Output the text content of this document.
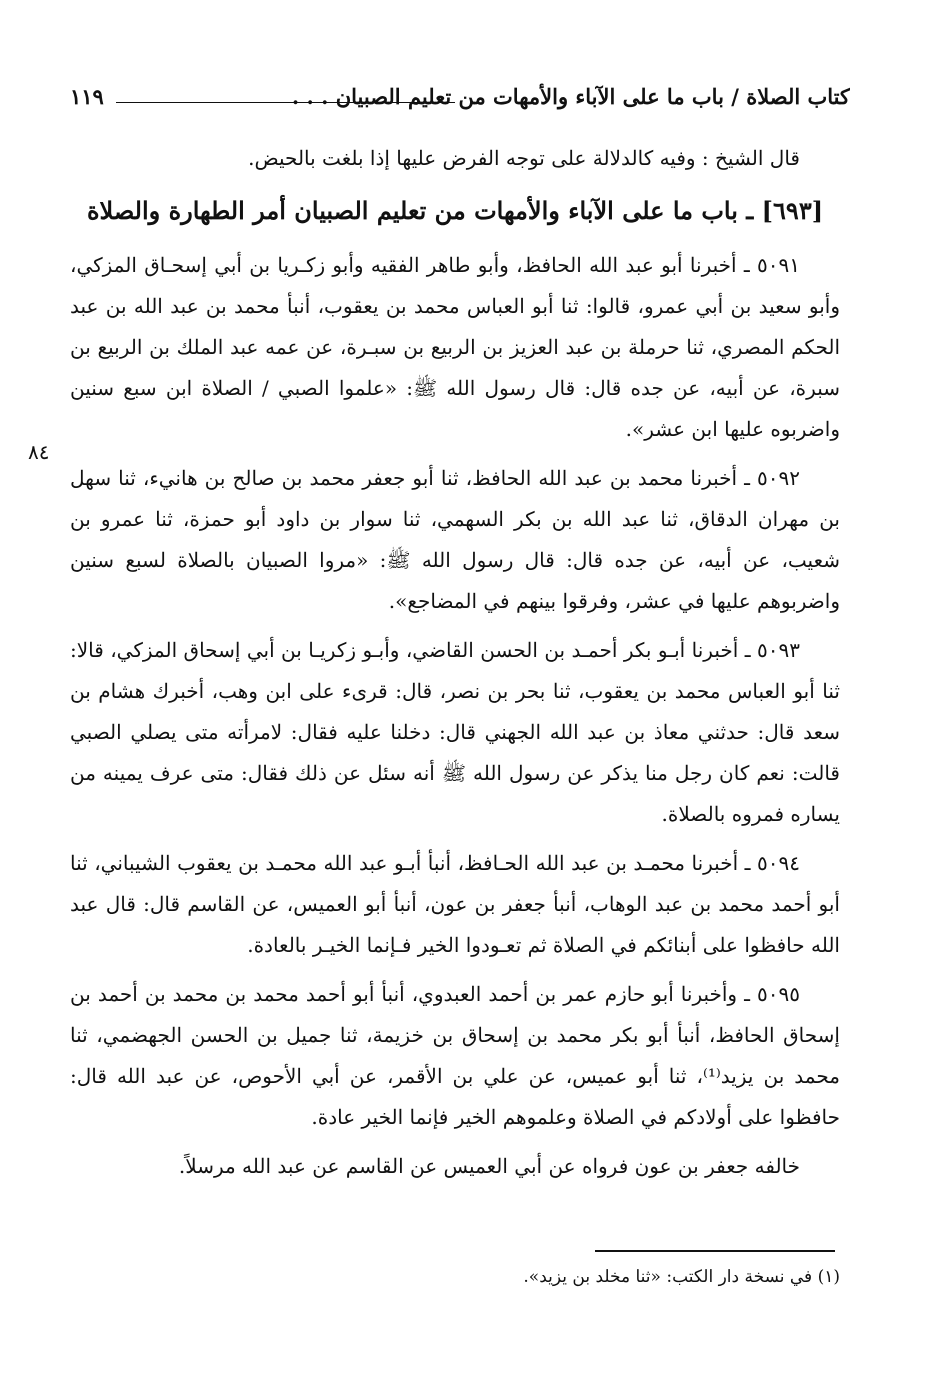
١١٩	كتاب الصلاة / باب ما على الآباء والأمهات من تعليم الصبيان . . .
٨٤

قال الشيخ : وفيه كالدلالة على توجه الفرض عليها إذا بلغت بالحيض.

[٦٩٣] ـ باب ما على الآباء والأمهات من تعليم الصبيان أمر الطهارة والصلاة

٥٠٩١ ـ أخبرنا أبو عبد الله الحافظ، وأبو طاهر الفقيه وأبو زكـريا بن أبي إسحـاق المزكي، وأبو سعيد بن أبي عمرو، قالوا: ثنا أبو العباس محمد بن يعقوب، أنبأ محمد بن عبد الله بن عبد الحكم المصري، ثنا حرملة بن عبد العزيز بن الربيع بن سبـرة، عن عمه عبد الملك بن الربيع بن سبرة، عن أبيه، عن جده قال: قال رسول الله ﷺ: «علموا الصبي / الصلاة ابن سبع سنين واضربوه عليها ابن عشر».

٥٠٩٢ ـ أخبرنا محمد بن عبد الله الحافظ، ثنا أبو جعفر محمد بن صالح بن هانيء، ثنا سهل بن مهران الدقاق، ثنا عبد الله بن بكر السهمي، ثنا سوار بن داود أبو حمزة، ثنا عمرو بن شعيب، عن أبيه، عن جده قال: قال رسول الله ﷺ: «مروا الصبيان بالصلاة لسبع سنين واضربوهم عليها في عشر، وفرقوا بينهم في المضاجع».

٥٠٩٣ ـ أخبرنا أبـو بكر أحمـد بن الحسن القاضي، وأبـو زكريـا بن أبي إسحاق المزكي، قالا: ثنا أبو العباس محمد بن يعقوب، ثنا بحر بن نصر، قال: قرىء على ابن وهب، أخبرك هشام بن سعد قال: حدثني معاذ بن عبد الله الجهني قال: دخلنا عليه فقال: لامرأته متى يصلي الصبي قالت: نعم كان رجل منا يذكر عن رسول الله ﷺ أنه سئل عن ذلك فقال: متى عرف يمينه من يساره فمروه بالصلاة.

٥٠٩٤ ـ أخبرنا محمـد بن عبد الله الحـافظ، أنبأ أبـو عبد الله محمـد بن يعقوب الشيباني، ثنا أبو أحمد محمد بن عبد الوهاب، أنبأ جعفر بن عون، أنبأ أبو العميس، عن القاسم قال: قال عبد الله حافظوا على أبنائكم في الصلاة ثم تعـودوا الخير فـإنما الخيـر بالعادة.

٥٠٩٥ ـ وأخبرنا أبو حازم عمر بن أحمد العبدوي، أنبأ أبو أحمد محمد بن محمد بن أحمد بن إسحاق الحافظ، أنبأ أبو بكر محمد بن إسحاق بن خزيمة، ثنا جميل بن الحسن الجهضمي، ثنا محمد بن يزيد⁽¹⁾، ثنا أبو عميس، عن علي بن الأقمر، عن أبي الأحوص، عن عبد الله قال: حافظوا على أولادكم في الصلاة وعلموهم الخير فإنما الخير عادة.

خالفه جعفر بن عون فرواه عن أبي العميس عن القاسم عن عبد الله مرسلاً.

(١) في نسخة دار الكتب: «ثنا مخلد بن يزيد».
